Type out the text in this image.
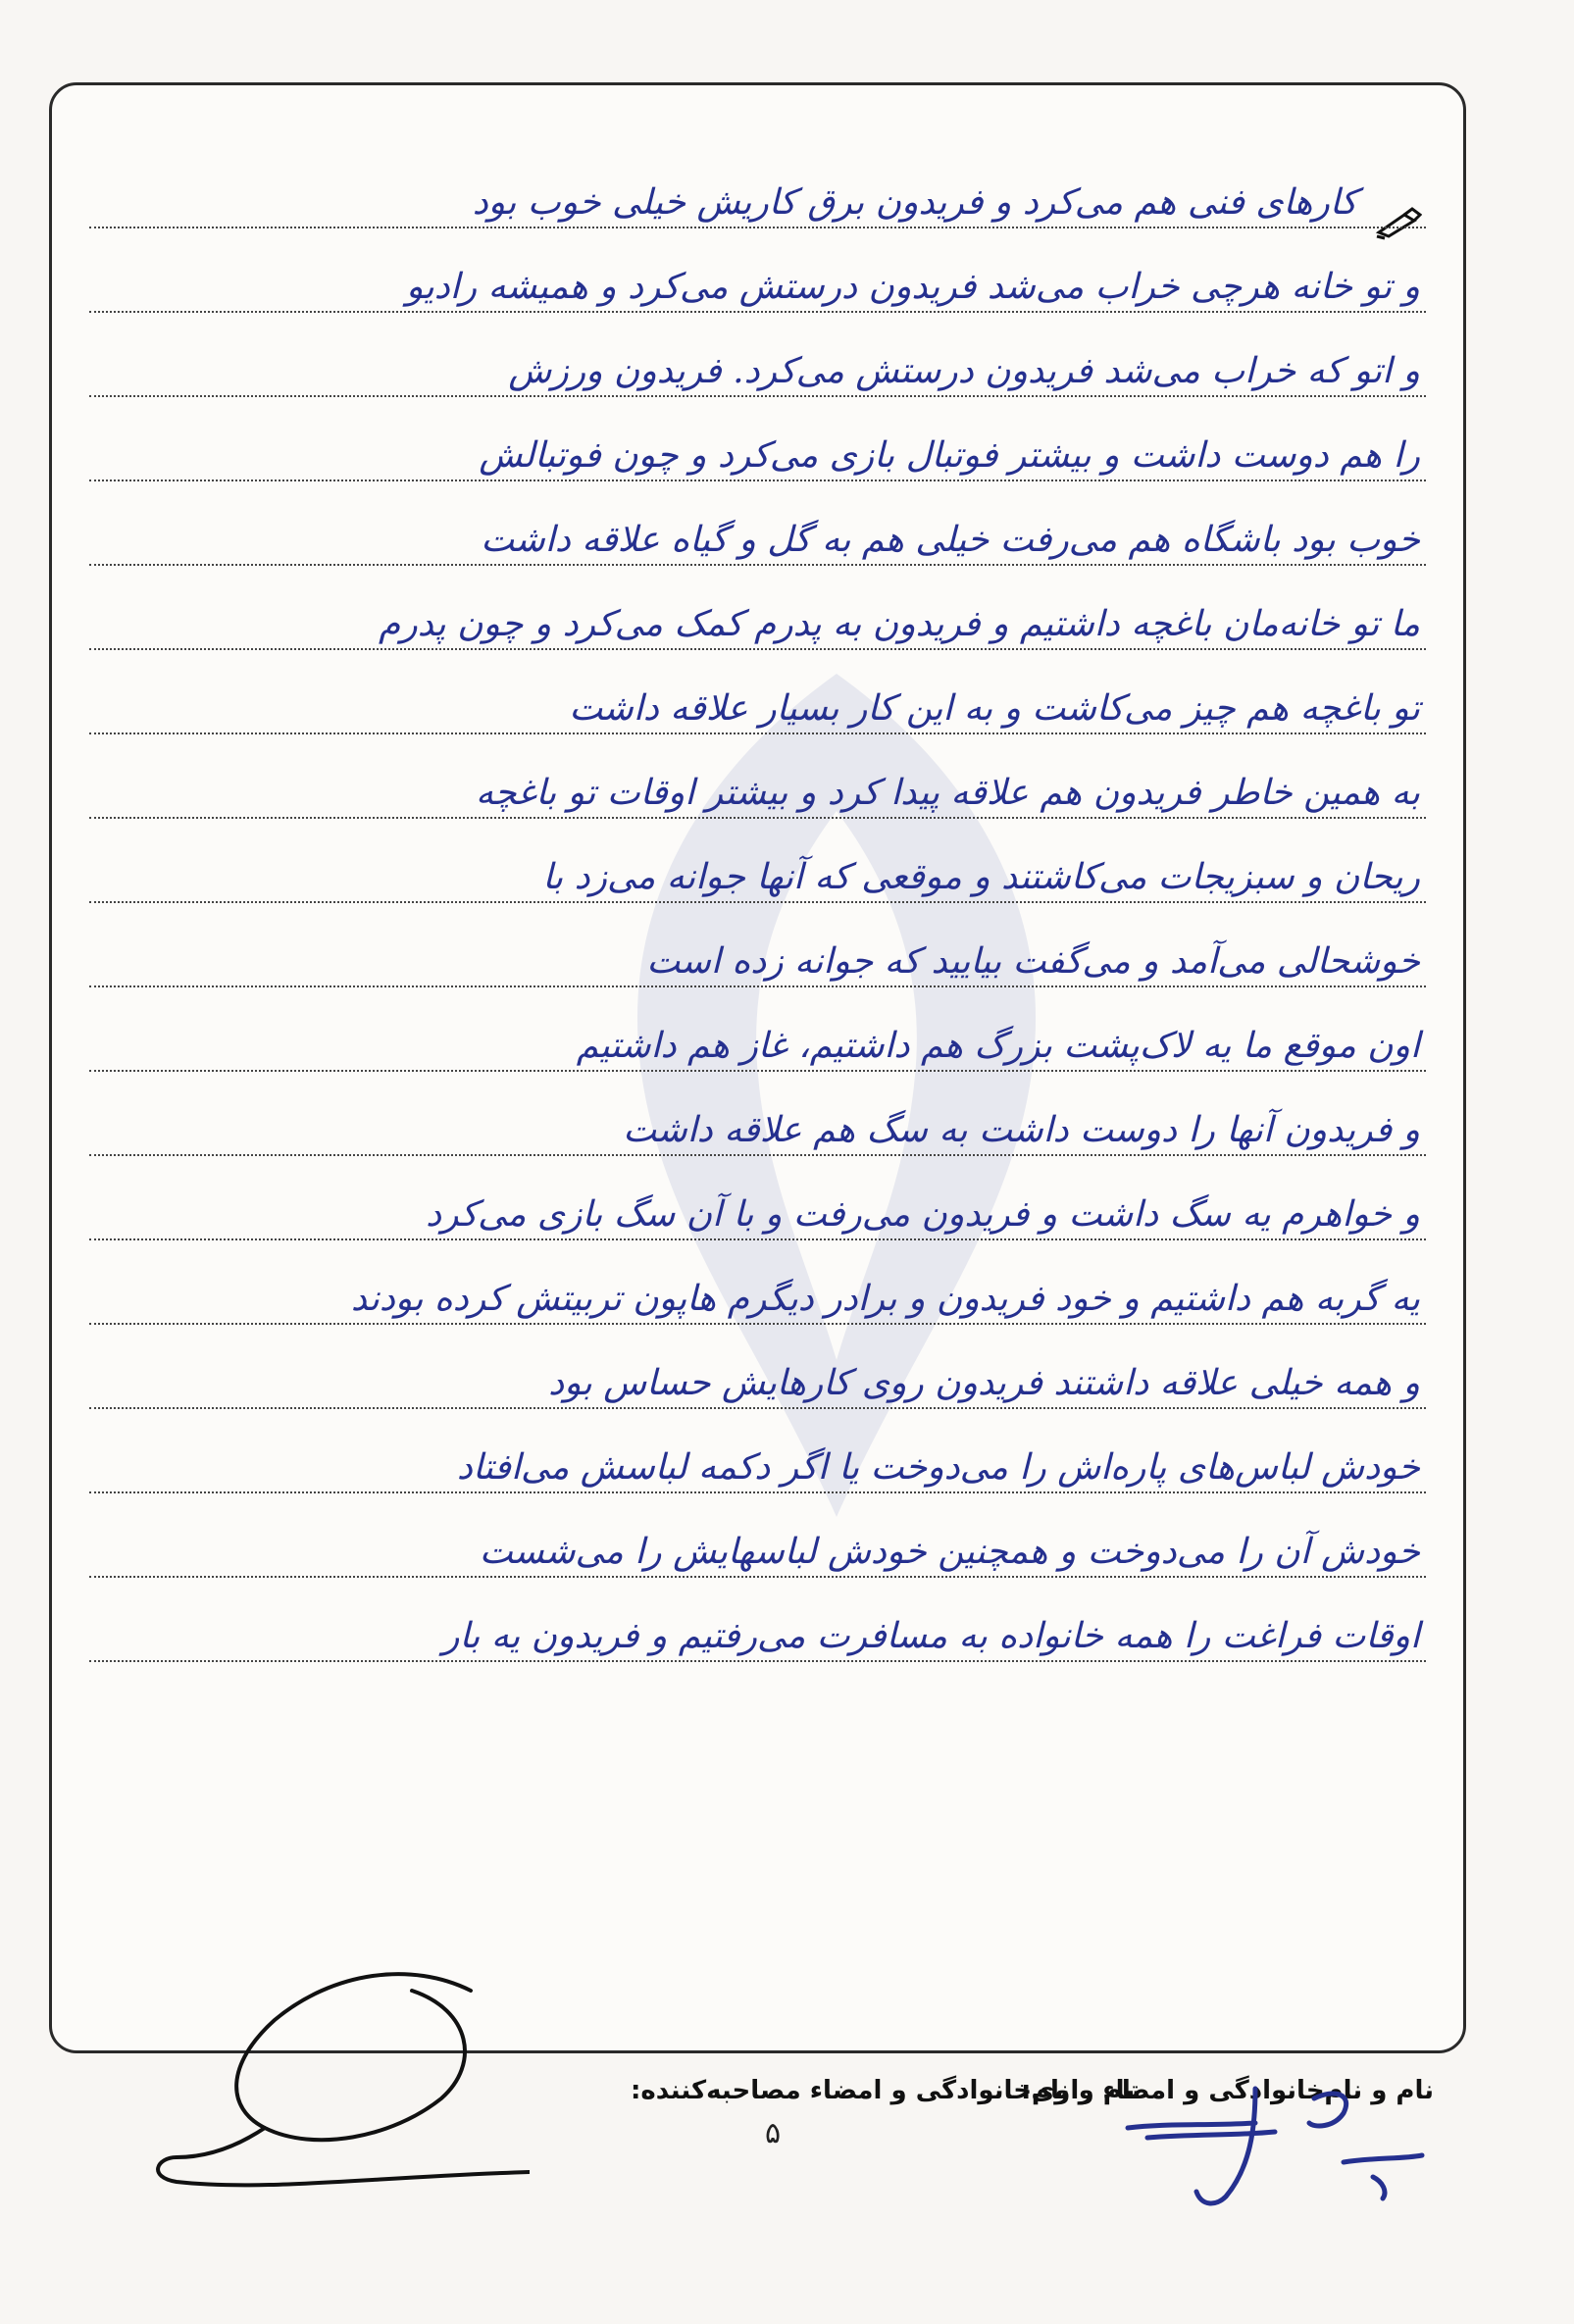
کارهای فنی هم می‌کرد و فریدون برق کاریش خیلی خوب بود
و تو خانه هرچی خراب می‌شد فریدون درستش می‌کرد و همیشه رادیو
و اتو که خراب می‌شد فریدون درستش می‌کرد. فریدون ورزش
را هم دوست داشت و بیشتر فوتبال بازی می‌کرد و چون فوتبالش
خوب بود باشگاه هم می‌رفت خیلی هم به گل و گیاه علاقه داشت
ما تو خانه‌مان باغچه داشتیم و فریدون به پدرم کمک می‌کرد و چون پدرم
تو باغچه هم چیز می‌کاشت و به این کار بسیار علاقه داشت
به همین خاطر فریدون هم علاقه پیدا کرد و بیشتر اوقات تو باغچه
ریحان و سبزیجات می‌کاشتند و موقعی که آنها جوانه می‌زد با
خوشحالی می‌آمد و می‌گفت بیایید که جوانه زده است
اون موقع ما یه لاک‌پشت بزرگ هم داشتیم، غاز هم داشتیم
و فریدون آنها را دوست داشت به سگ هم علاقه داشت
و خواهرم یه سگ داشت و فریدون می‌رفت و با آن سگ بازی می‌کرد
یه گربه هم داشتیم و خود فریدون و برادر دیگرم هاپون تربیتش کرده بودند
و همه خیلی علاقه داشتند فریدون روی کارهایش حساس بود
خودش لباس‌های پاره‌اش را می‌دوخت یا اگر دکمه لباسش می‌افتاد
خودش آن را می‌دوخت و همچنین خودش لباسهایش را می‌شست
اوقات فراغت را همه خانواده به مسافرت می‌رفتیم و فریدون یه بار
نام و نام‌خانوادگی و امضاء راوی:
نام و نام‌خانوادگی و امضاء مصاحبه‌کننده:
۵
